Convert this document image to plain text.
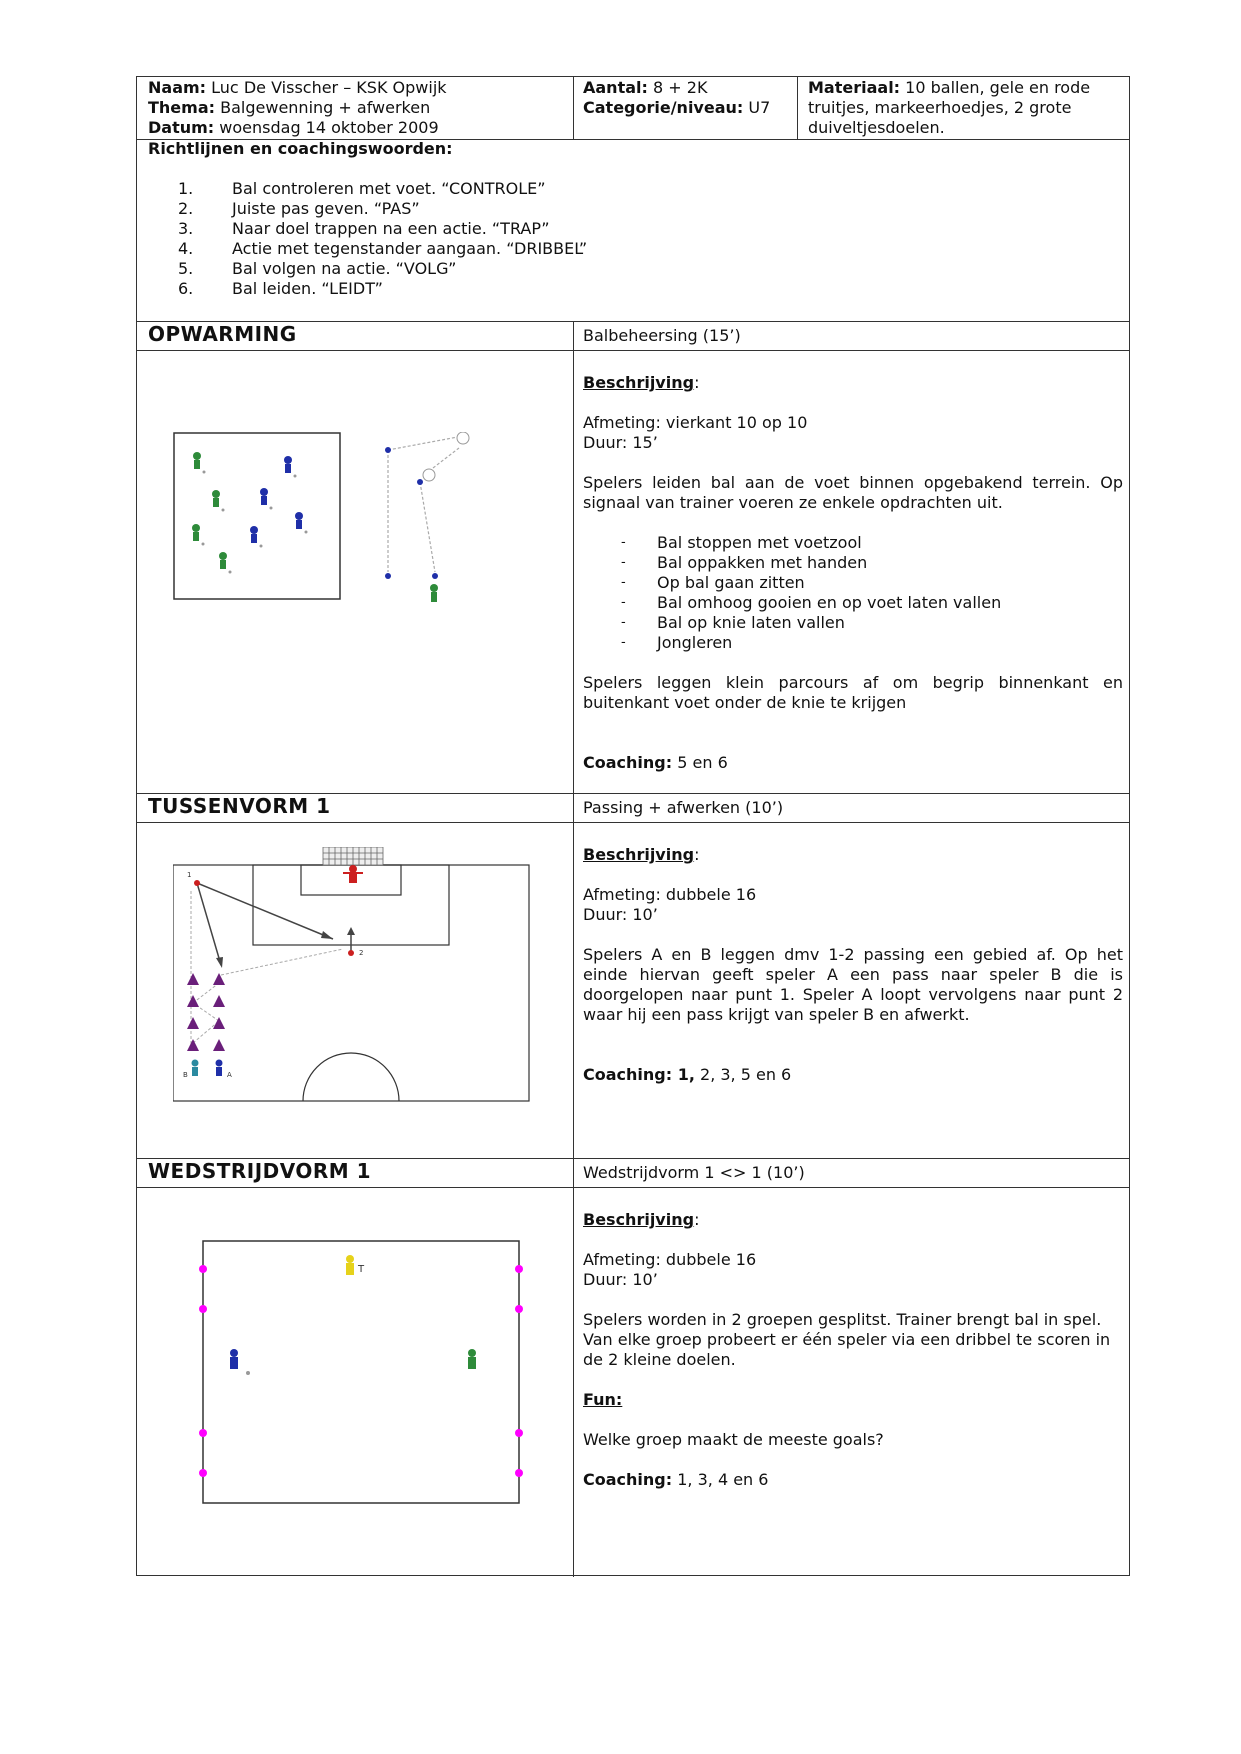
Naam: Luc De Visscher – KSK Opwijk
Thema: Balgewenning + afwerken
Datum: woensdag 14 oktober 2009
Aantal: 8 + 2K
Categorie/niveau: U7
Materiaal: 10 ballen, gele en rode
truitjes, markeerhoedjes, 2 grote
duiveltjesdoelen.
Richtlijnen en coachingswoorden:
1. Bal controleren met voet. “CONTROLE”
2. Juiste pas geven. “PAS”
3. Naar doel trappen na een actie. “TRAP”
4. Actie met tegenstander aangaan. “DRIBBEL”
5. Bal volgen na actie. “VOLG”
6. Bal leiden. “LEIDT”
OPWARMING	Balbeheersing (15’)
Beschrijving:
Afmeting: vierkant 10 op 10
Duur: 15’
Spelers leiden bal aan de voet binnen opgebakend terrein. Op signaal van trainer voeren ze enkele opdrachten uit.
- Bal stoppen met voetzool
- Bal oppakken met handen
- Op bal gaan zitten
- Bal omhoog gooien en op voet laten vallen
- Bal op knie laten vallen
- Jongleren
Spelers leggen klein parcours af om begrip binnenkant en buitenkant voet onder de knie te krijgen
Coaching: 5 en 6
TUSSENVORM 1	Passing + afwerken (10’)
1
2
B	A
Beschrijving:
Afmeting: dubbele 16
Duur: 10’
Spelers A en B leggen dmv 1-2 passing een gebied af. Op het einde hiervan geeft speler A een pass naar speler B die is doorgelopen naar punt 1. Speler A loopt vervolgens naar punt 2 waar hij een pass krijgt van speler B en afwerkt.
Coaching: 1, 2, 3, 5 en 6
WEDSTRIJDVORM 1	Wedstrijdvorm 1 <> 1 (10’)
T
Beschrijving:
Afmeting: dubbele 16
Duur: 10’
Spelers worden in 2 groepen gesplitst. Trainer brengt bal in spel. Van elke groep probeert er één speler via een dribbel te scoren in de 2 kleine doelen.
Fun:
Welke groep maakt de meeste goals?
Coaching: 1, 3, 4 en 6
